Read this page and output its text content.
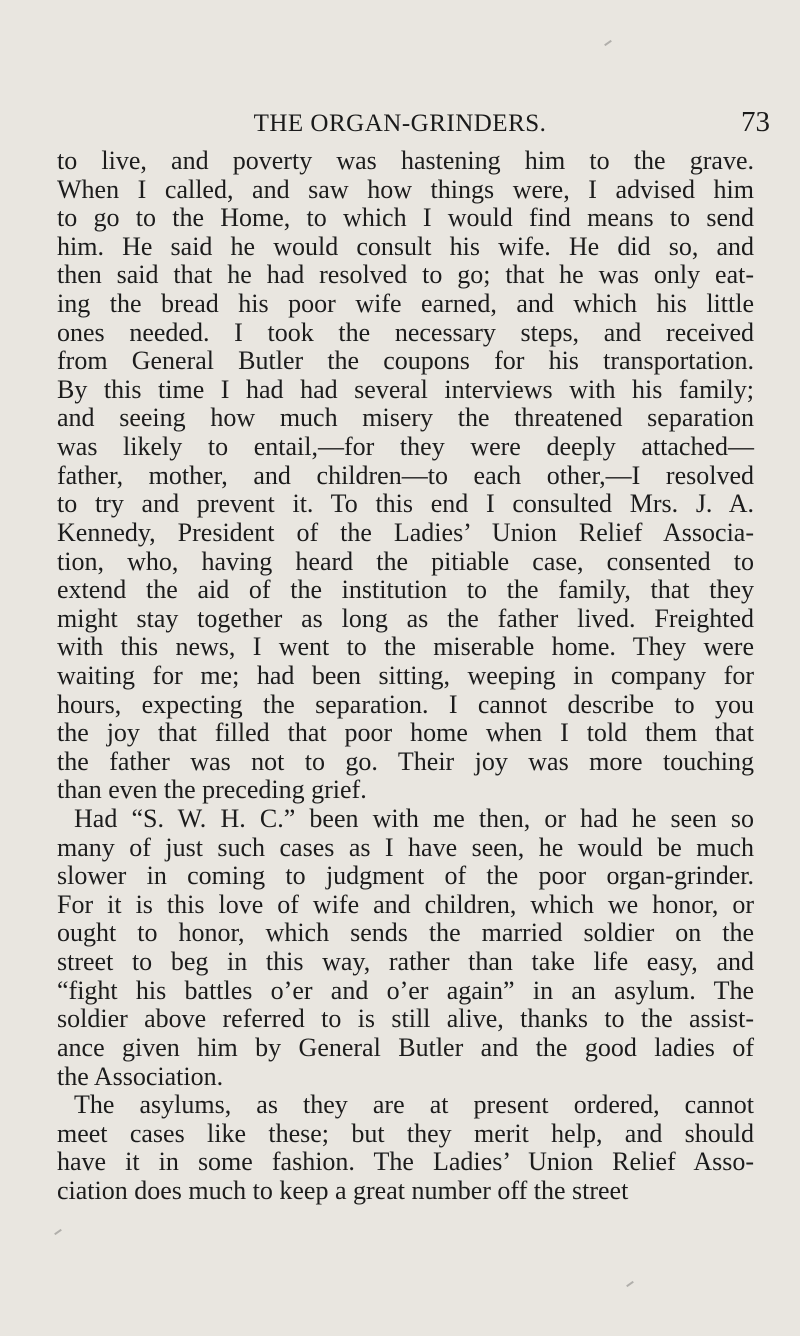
THE ORGAN-GRINDERS.	73
to live, and poverty was hastening him to the grave.
When I called, and saw how things were, I advised him
to go to the Home, to which I would find means to send
him. He said he would consult his wife. He did so, and
then said that he had resolved to go; that he was only eat-
ing the bread his poor wife earned, and which his little
ones needed. I took the necessary steps, and received
from General Butler the coupons for his transportation.
By this time I had had several interviews with his family;
and seeing how much misery the threatened separation
was likely to entail,—for they were deeply attached—
father, mother, and children—to each other,—I resolved
to try and prevent it. To this end I consulted Mrs. J. A.
Kennedy, President of the Ladies’ Union Relief Associa-
tion, who, having heard the pitiable case, consented to
extend the aid of the institution to the family, that they
might stay together as long as the father lived. Freighted
with this news, I went to the miserable home. They were
waiting for me; had been sitting, weeping in company for
hours, expecting the separation. I cannot describe to you
the joy that filled that poor home when I told them that
the father was not to go. Their joy was more touching
than even the preceding grief.
Had “S. W. H. C.” been with me then, or had he seen so
many of just such cases as I have seen, he would be much
slower in coming to judgment of the poor organ-grinder.
For it is this love of wife and children, which we honor, or
ought to honor, which sends the married soldier on the
street to beg in this way, rather than take life easy, and
“fight his battles o’er and o’er again” in an asylum. The
soldier above referred to is still alive, thanks to the assist-
ance given him by General Butler and the good ladies of
the Association.
The asylums, as they are at present ordered, cannot
meet cases like these; but they merit help, and should
have it in some fashion. The Ladies’ Union Relief Asso-
ciation does much to keep a great number off the street
